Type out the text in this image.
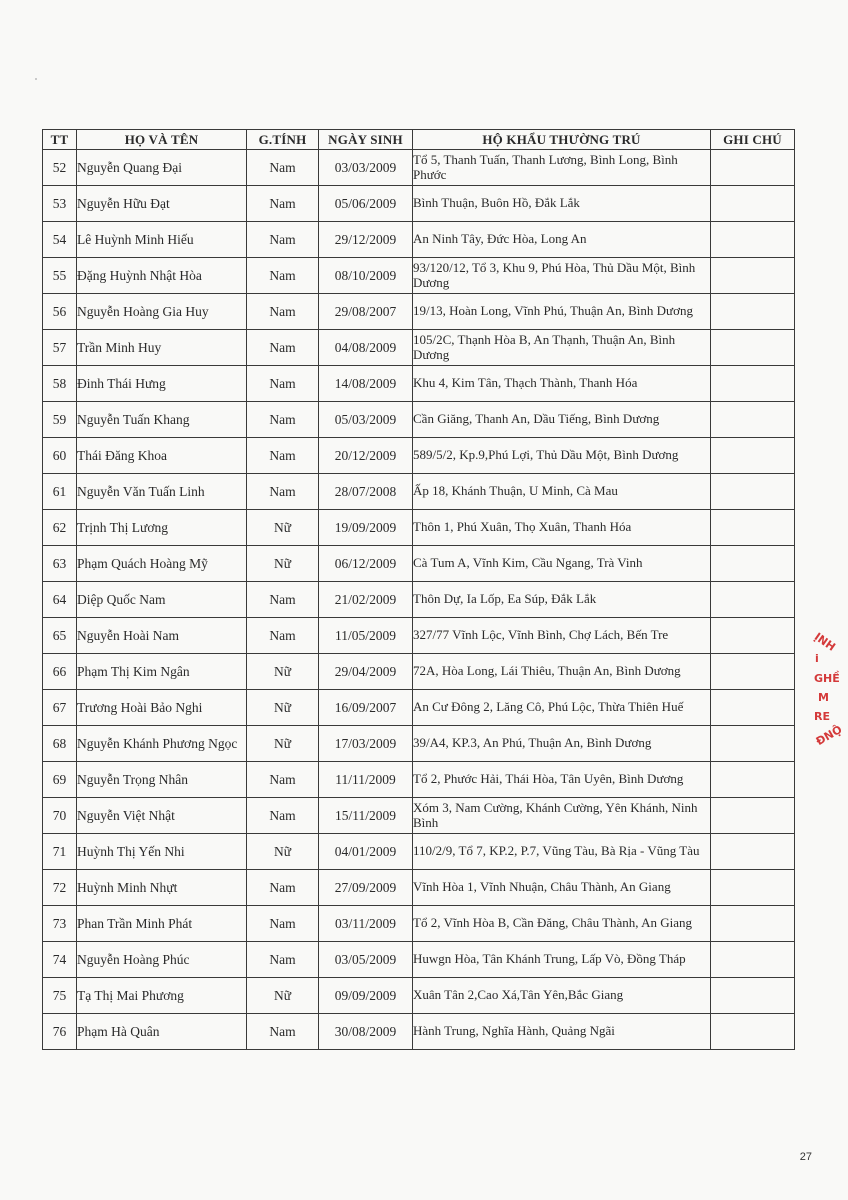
TT	HỌ VÀ TÊN	G.TÍNH	NGÀY SINH	HỘ KHẨU THƯỜNG TRÚ	GHI CHÚ
52	Nguyễn Quang Đại	Nam	03/03/2009	Tổ 5, Thanh Tuấn, Thanh Lương, Bình Long, Bình Phước	
53	Nguyễn Hữu Đạt	Nam	05/06/2009	Bình Thuận, Buôn Hồ, Đắk Lắk	
54	Lê Huỳnh Minh Hiếu	Nam	29/12/2009	An Ninh Tây, Đức Hòa, Long An	
55	Đặng Huỳnh Nhật Hòa	Nam	08/10/2009	93/120/12, Tổ 3, Khu 9, Phú Hòa, Thủ Dầu Một, Bình Dương	
56	Nguyễn Hoàng Gia Huy	Nam	29/08/2007	19/13, Hoàn Long, Vĩnh Phú, Thuận An, Bình Dương	
57	Trần Minh Huy	Nam	04/08/2009	105/2C, Thạnh Hòa B, An Thạnh, Thuận An, Bình Dương	
58	Đinh Thái Hưng	Nam	14/08/2009	Khu 4, Kim Tân, Thạch Thành, Thanh Hóa	
59	Nguyễn Tuấn Khang	Nam	05/03/2009	Cần Giăng, Thanh An, Dầu Tiếng, Bình Dương	
60	Thái Đăng Khoa	Nam	20/12/2009	589/5/2, Kp.9,Phú Lợi, Thủ Dầu Một, Bình Dương	
61	Nguyễn Văn Tuấn Linh	Nam	28/07/2008	Ấp 18, Khánh Thuận, U Minh, Cà Mau	
62	Trịnh Thị Lương	Nữ	19/09/2009	Thôn 1, Phú Xuân, Thọ Xuân, Thanh Hóa	
63	Phạm Quách Hoàng Mỹ	Nữ	06/12/2009	Cà Tum A, Vĩnh Kim, Cầu Ngang, Trà Vinh	
64	Diệp Quốc Nam	Nam	21/02/2009	Thôn Dự, Ia Lốp, Ea Súp, Đắk Lắk	
65	Nguyễn Hoài Nam	Nam	11/05/2009	327/77 Vĩnh Lộc, Vĩnh Bình, Chợ Lách, Bến Tre	
66	Phạm Thị Kim Ngân	Nữ	29/04/2009	72A, Hòa Long, Lái Thiêu, Thuận An, Bình Dương	
67	Trương Hoài Bảo Nghi	Nữ	16/09/2007	An Cư Đông 2, Lăng Cô, Phú Lộc, Thừa Thiên Huế	
68	Nguyễn Khánh Phương Ngọc	Nữ	17/03/2009	39/A4, KP.3, An Phú, Thuận An, Bình Dương	
69	Nguyễn Trọng Nhân	Nam	11/11/2009	Tổ 2, Phước Hải, Thái Hòa, Tân Uyên, Bình Dương	
70	Nguyễn Việt Nhật	Nam	15/11/2009	Xóm 3, Nam Cường, Khánh Cường, Yên Khánh, Ninh Bình	
71	Huỳnh Thị Yến Nhi	Nữ	04/01/2009	110/2/9, Tổ 7, KP.2, P.7, Vũng Tàu, Bà Rịa - Vũng Tàu	
72	Huỳnh Minh Nhựt	Nam	27/09/2009	Vĩnh Hòa 1, Vĩnh Nhuận, Châu Thành, An Giang	
73	Phan Trần Minh Phát	Nam	03/11/2009	Tổ 2, Vĩnh Hòa B, Cần Đăng, Châu Thành, An Giang	
74	Nguyễn Hoàng Phúc	Nam	03/05/2009	Huwgn Hòa, Tân Khánh Trung, Lấp Vò, Đồng Tháp	
75	Tạ Thị Mai Phương	Nữ	09/09/2009	Xuân Tân 2,Cao Xá,Tân Yên,Bắc Giang	
76	Phạm Hà Quân	Nam	30/08/2009	Hành Trung, Nghĩa Hành, Quảng Ngãi	
27
ỊNH
i
GHỀ
M
RE
ĐNỘ
